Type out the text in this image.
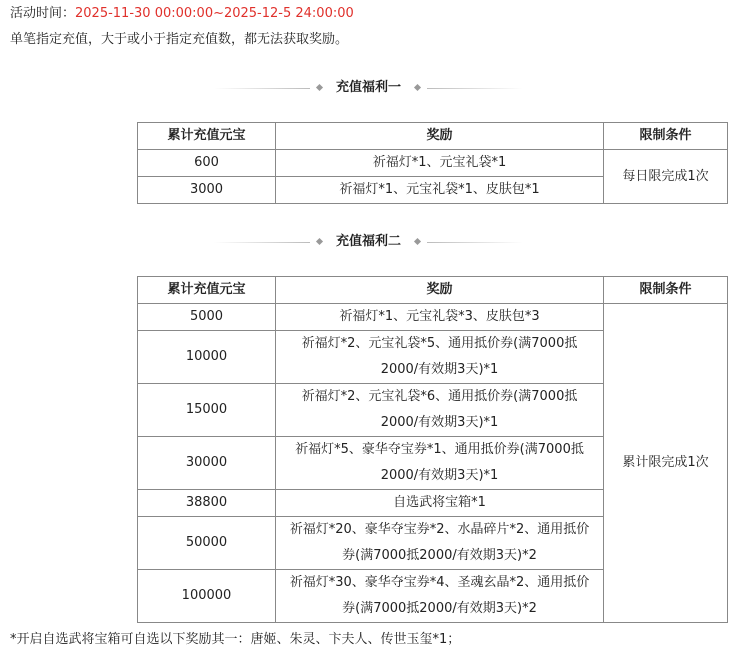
活动时间：2025-11-30 00:00:00~2025-12-5 24:00:00
单笔指定充值，大于或小于指定充值数，都无法获取奖励。
充值福利一
累计充值元宝	奖励	限制条件
600	祈福灯*1、元宝礼袋*1	每日限完成1次
3000	祈福灯*1、元宝礼袋*1、皮肤包*1	
充值福利二
累计充值元宝	奖励	限制条件
5000	祈福灯*1、元宝礼袋*3、皮肤包*3	累计限完成1次
10000	祈福灯*2、元宝礼袋*5、通用抵价券(满7000抵
2000/有效期3天)*1	

15000	祈福灯*2、元宝礼袋*6、通用抵价券(满7000抵
2000/有效期3天)*1	

30000	祈福灯*5、豪华夺宝券*1、通用抵价券(满7000抵
2000/有效期3天)*1	

38800	自选武将宝箱*1	
50000	祈福灯*20、豪华夺宝券*2、水晶碎片*2、通用抵价
券(满7000抵2000/有效期3天)*2	

100000	祈福灯*30、豪华夺宝券*4、圣魂玄晶*2、通用抵价
券(满7000抵2000/有效期3天)*2	
*开启自选武将宝箱可自选以下奖励其一：唐姬、朱灵、卞夫人、传世玉玺*1；
